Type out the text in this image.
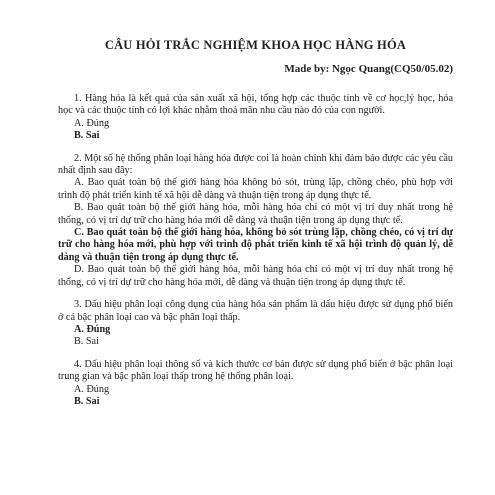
CÂU HỎI TRẮC NGHIỆM KHOA HỌC HÀNG HÓA
Made by: Ngọc Quang(CQ50/05.02)

1. Hàng hóa là kết quả của sản xuất xã hội, tổng hợp các thuộc tính về cơ học,lý học, hóa học và các thuộc tính có lợi khác nhằm thoả mãn nhu cầu nào đó của con người.

A. Đúng

B. Sai

2. Một số hệ thống phân loại hàng hóa được coi là hoàn chỉnh khi đảm bảo được các yêu cầu nhất định sau đây:

A. Bao quát toàn bộ thế giới hàng hóa không bỏ sót, trùng lặp, chồng chéo, phù hợp với trình độ phát triển kinh tế xã hội dễ dàng và thuận tiện trong áp dụng thực tế.

B. Bao quát toàn bộ thế giới hàng hóa, mỗi hàng hóa chỉ có một vị trí duy nhất trong hệ thống, có vị trí dự trữ cho hàng hóa mới dễ dàng và thuận tiện trong áp dụng thực tế.

C. Bao quát toàn bộ thế giới hàng hóa, không bỏ sót trùng lặp, chồng chéo, có vị trí dự trữ cho hàng hóa mới, phù hợp với trình độ phát triển kinh tế xã hội trình độ quản lý, dễ dàng và thuận tiện trong áp dụng thực tế.

D. Bao quát toàn bộ thế giới hàng hóa, mỗi hàng hóa chỉ có một vị trí duy nhất trong hệ thống, có vị trí dự trữ cho hàng hóa mới, dễ dàng và thuận tiện trong áp dụng thực tế.

3. Dấu hiệu phân loại công dụng của hàng hóa sản phẩm là dấu hiệu được sử dụng phổ biến ở cả bậc phân loại cao và bậc phân loại thấp.

A. Đúng

B. Sai

4. Dấu hiệu phân loại thông số và kích thước cơ bản được sử dụng phổ biến ở bậc phân loại trung gian và bậc phân loại thấp trong hệ thống phân loại.

A. Đúng

B. Sai
